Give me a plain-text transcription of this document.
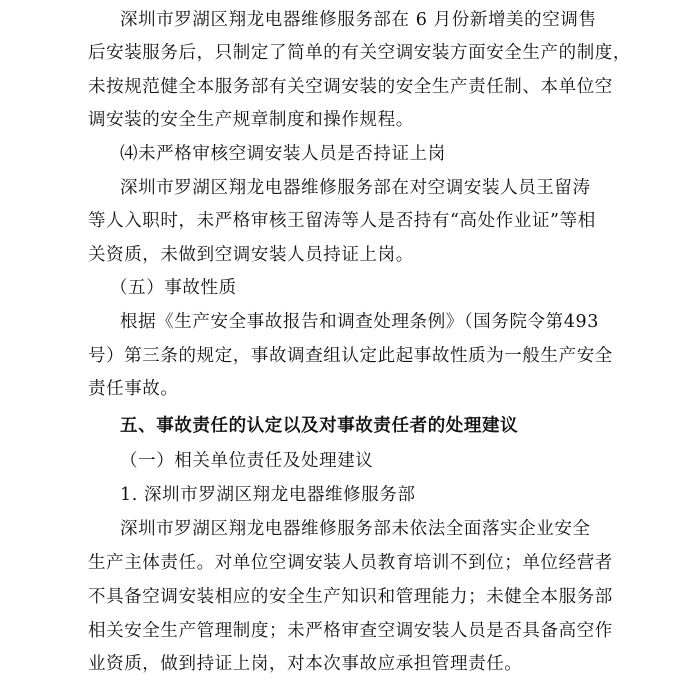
深圳市罗湖区翔龙电器维修服务部在 6 月份新增美的空调售
后安装服务后，只制定了简单的有关空调安装方面安全生产的制度，
未按规范健全本服务部有关空调安装的安全生产责任制、本单位空
调安装的安全生产规章制度和操作规程。
⑷未严格审核空调安装人员是否持证上岗
深圳市罗湖区翔龙电器维修服务部在对空调安装人员王留涛
等人入职时，未严格审核王留涛等人是否持有“高处作业证”等相
关资质，未做到空调安装人员持证上岗。
（五）事故性质
根据《生产安全事故报告和调查处理条例》（国务院令第493
号）第三条的规定，事故调查组认定此起事故性质为一般生产安全
责任事故。
五、事故责任的认定以及对事故责任者的处理建议
（一）相关单位责任及处理建议
1. 深圳市罗湖区翔龙电器维修服务部
深圳市罗湖区翔龙电器维修服务部未依法全面落实企业安全
生产主体责任。对单位空调安装人员教育培训不到位；单位经营者
不具备空调安装相应的安全生产知识和管理能力；未健全本服务部
相关安全生产管理制度；未严格审查空调安装人员是否具备高空作
业资质，做到持证上岗，对本次事故应承担管理责任。
